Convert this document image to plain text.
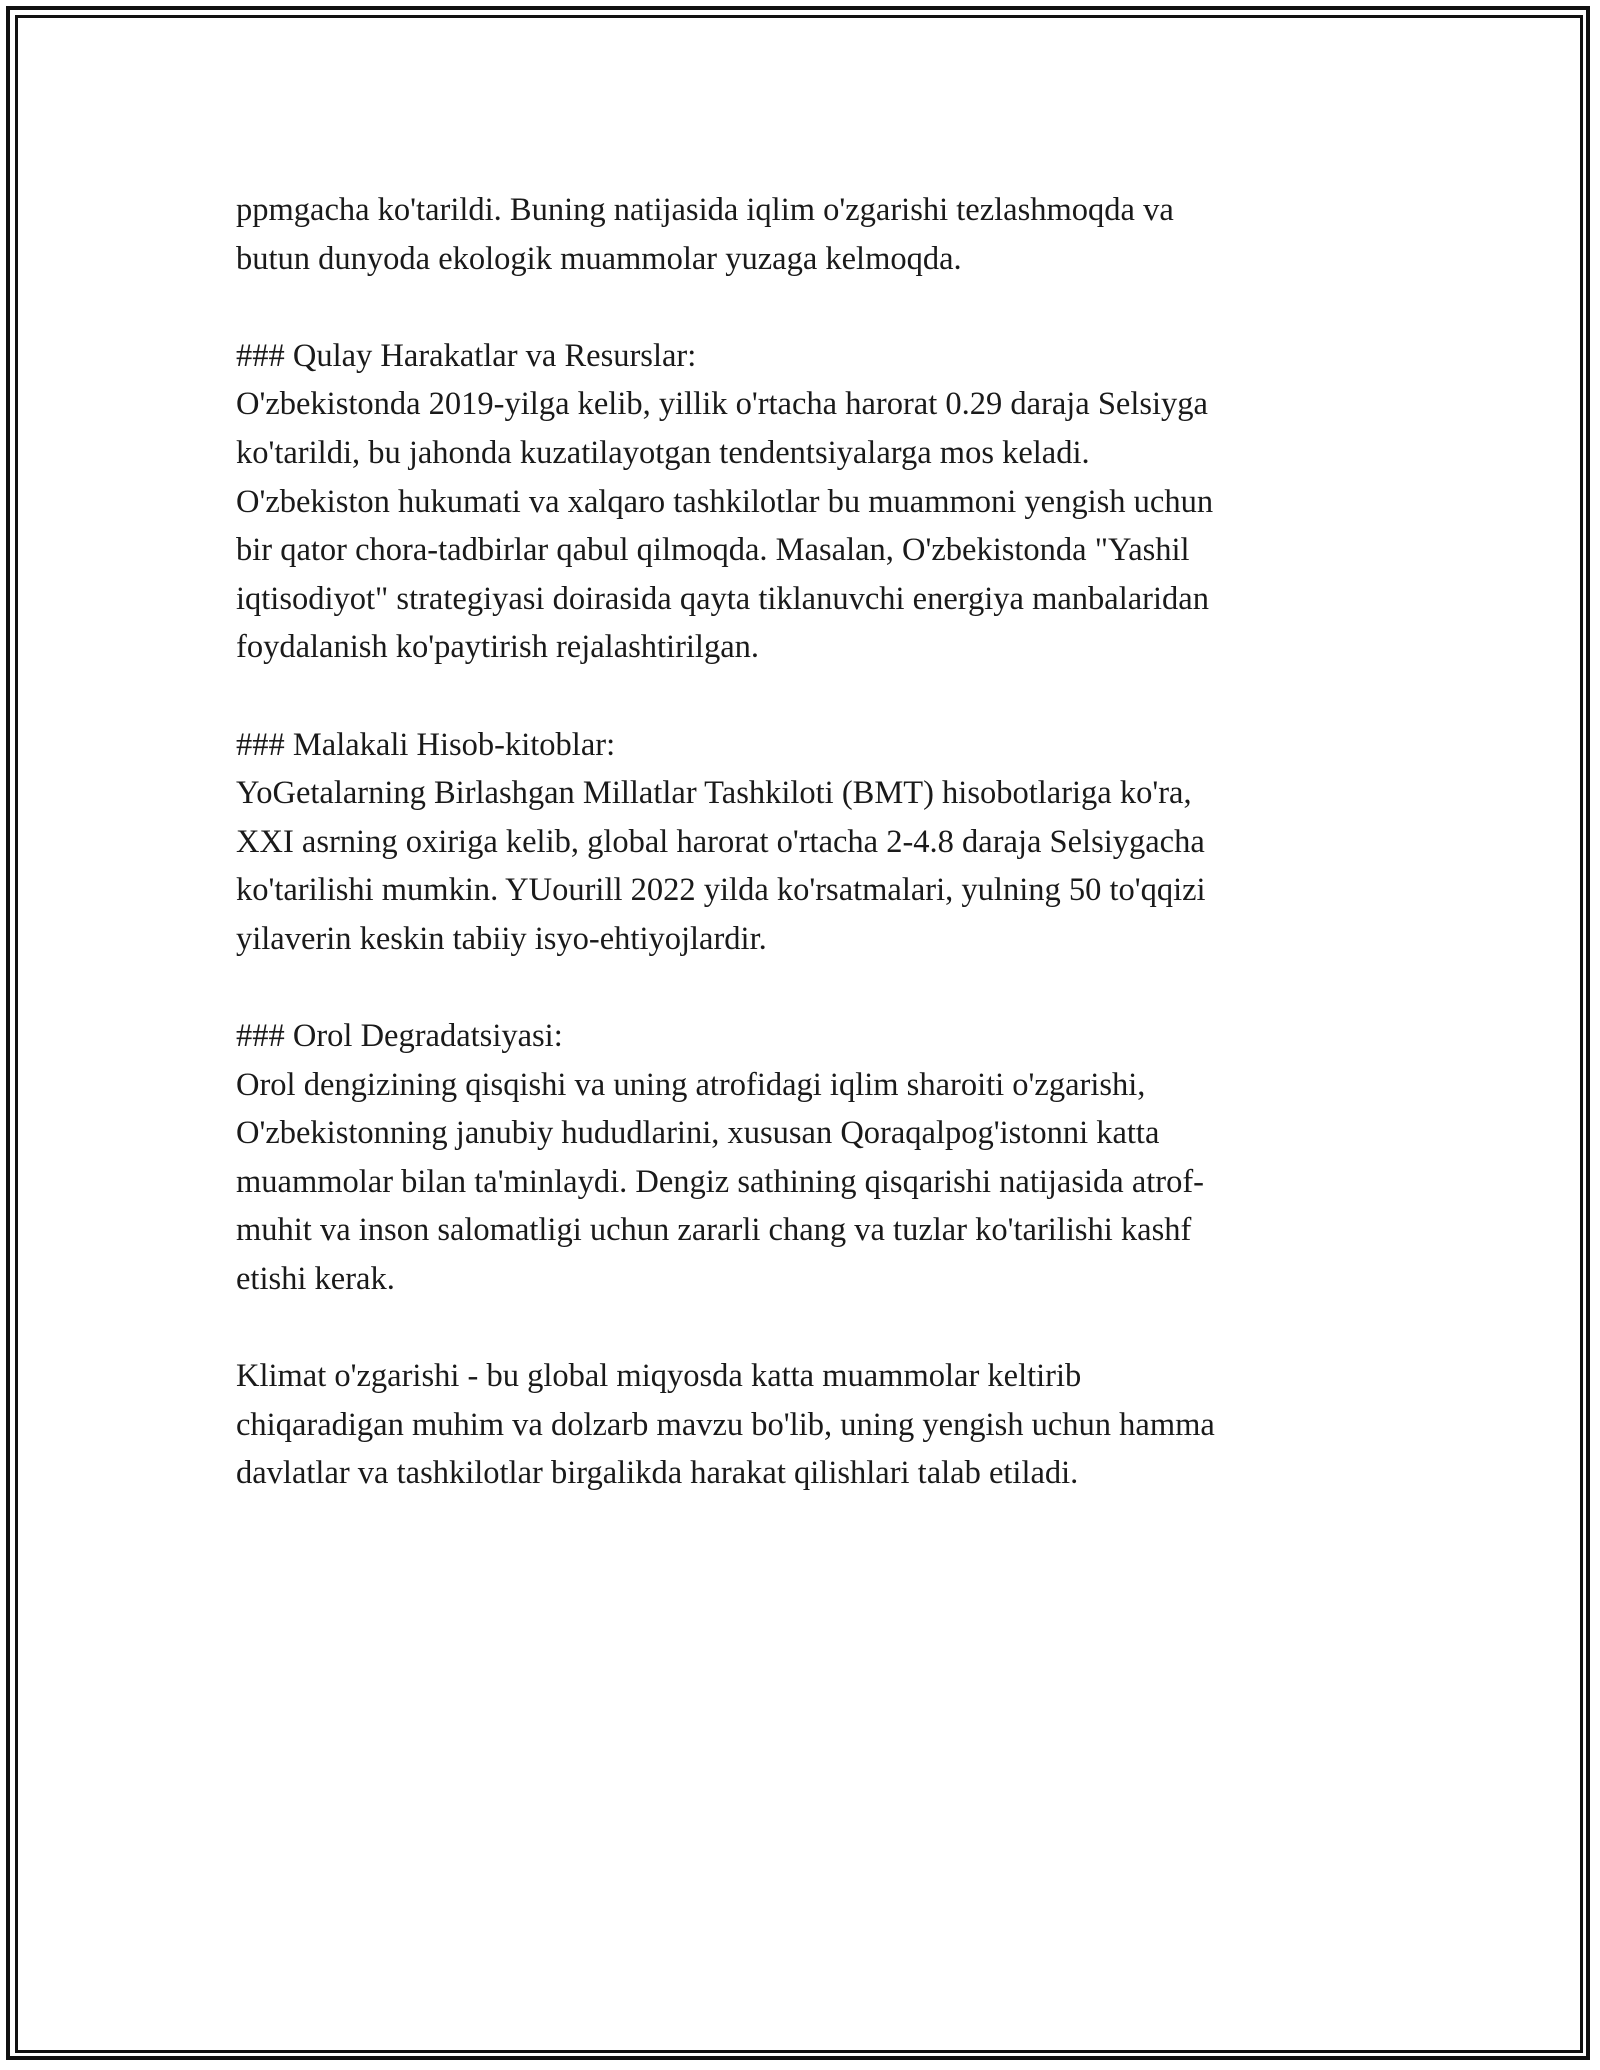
ppmgacha ko'tarildi. Buning natijasida iqlim o'zgarishi tezlashmoqda va
butun dunyoda ekologik muammolar yuzaga kelmoqda.
### Qulay Harakatlar va Resurslar:
O'zbekistonda 2019-yilga kelib, yillik o'rtacha harorat 0.29 daraja Selsiyga
ko'tarildi, bu jahonda kuzatilayotgan tendentsiyalarga mos keladi.
O'zbekiston hukumati va xalqaro tashkilotlar bu muammoni yengish uchun
bir qator chora-tadbirlar qabul qilmoqda. Masalan, O'zbekistonda "Yashil
iqtisodiyot" strategiyasi doirasida qayta tiklanuvchi energiya manbalaridan
foydalanish ko'paytirish rejalashtirilgan.
### Malakali Hisob-kitoblar:
YoGetalarning Birlashgan Millatlar Tashkiloti (BMT) hisobotlariga ko'ra,
XXI asrning oxiriga kelib, global harorat o'rtacha 2-4.8 daraja Selsiygacha
ko'tarilishi mumkin. YUourill 2022 yilda ko'rsatmalari, yulning 50 to'qqizi
yilaverin keskin tabiiy isyo-ehtiyojlardir.
### Orol Degradatsiyasi:
Orol dengizining qisqishi va uning atrofidagi iqlim sharoiti o'zgarishi,
O'zbekistonning janubiy hududlarini, xususan Qoraqalpog'istonni katta
muammolar bilan ta'minlaydi. Dengiz sathining qisqarishi natijasida atrof-
muhit va inson salomatligi uchun zararli chang va tuzlar ko'tarilishi kashf
etishi kerak.
Klimat o'zgarishi - bu global miqyosda katta muammolar keltirib
chiqaradigan muhim va dolzarb mavzu bo'lib, uning yengish uchun hamma
davlatlar va tashkilotlar birgalikda harakat qilishlari talab etiladi.
